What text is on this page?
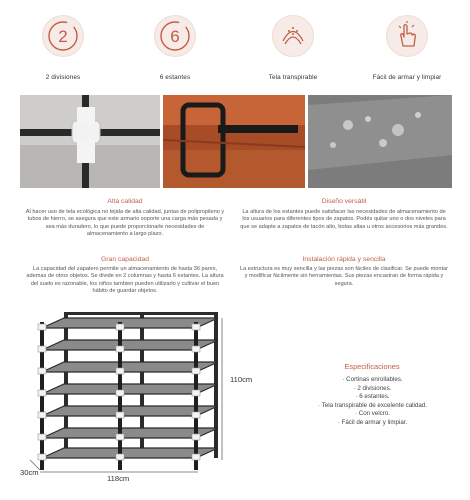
2
2 divisiones
6
6 estantes	Tela transpirable	Fácil de armar y limpiar
Alta calidad
Al hacer uso de tela ecológica no tejida de alta calidad, juntas de polipropileno y tubos de hierro, se asegura que este armario soporte una carga más pesada y sea más duradero, lo que puede proporcionarle necesidades de almacenamiento a largo plazo.
Diseño versátil
La altura de los estantes puede satisfacer las necesidades de almacenamiento de los usuarios para diferentes tipos de zapatos. Podés quitar uno o dos niveles para que se adapte a zapatos de tacón alto, botas altas u otros accesorios más grandes.
Gran capacidad
La capacidad del zapatero permite un almacenamiento de hasta 36 pares, ademas de otros objetos. Se divide en 2 columnas y hasta 6 estantes. La altura del suelo es razonable, los niños tambien pueden utilizarlo y cultivar el buen hábito de guardar objetos.
Instalación rápida y sencilla
La estructura es muy sencilla y las piezas son fáciles de clasificar. Se puede montar y modificar fácilmente sin herramientas. Sus piezas encastran de forma rápida y segura.
110cm
30cm
118cm
Especificaciones
· Cortinas enrollables.
· 2 divisiones.
· 6 estantes.
· Tela transpirable de excelente calidad.
· Con velcro.
· Fácil de armar y limpiar.
